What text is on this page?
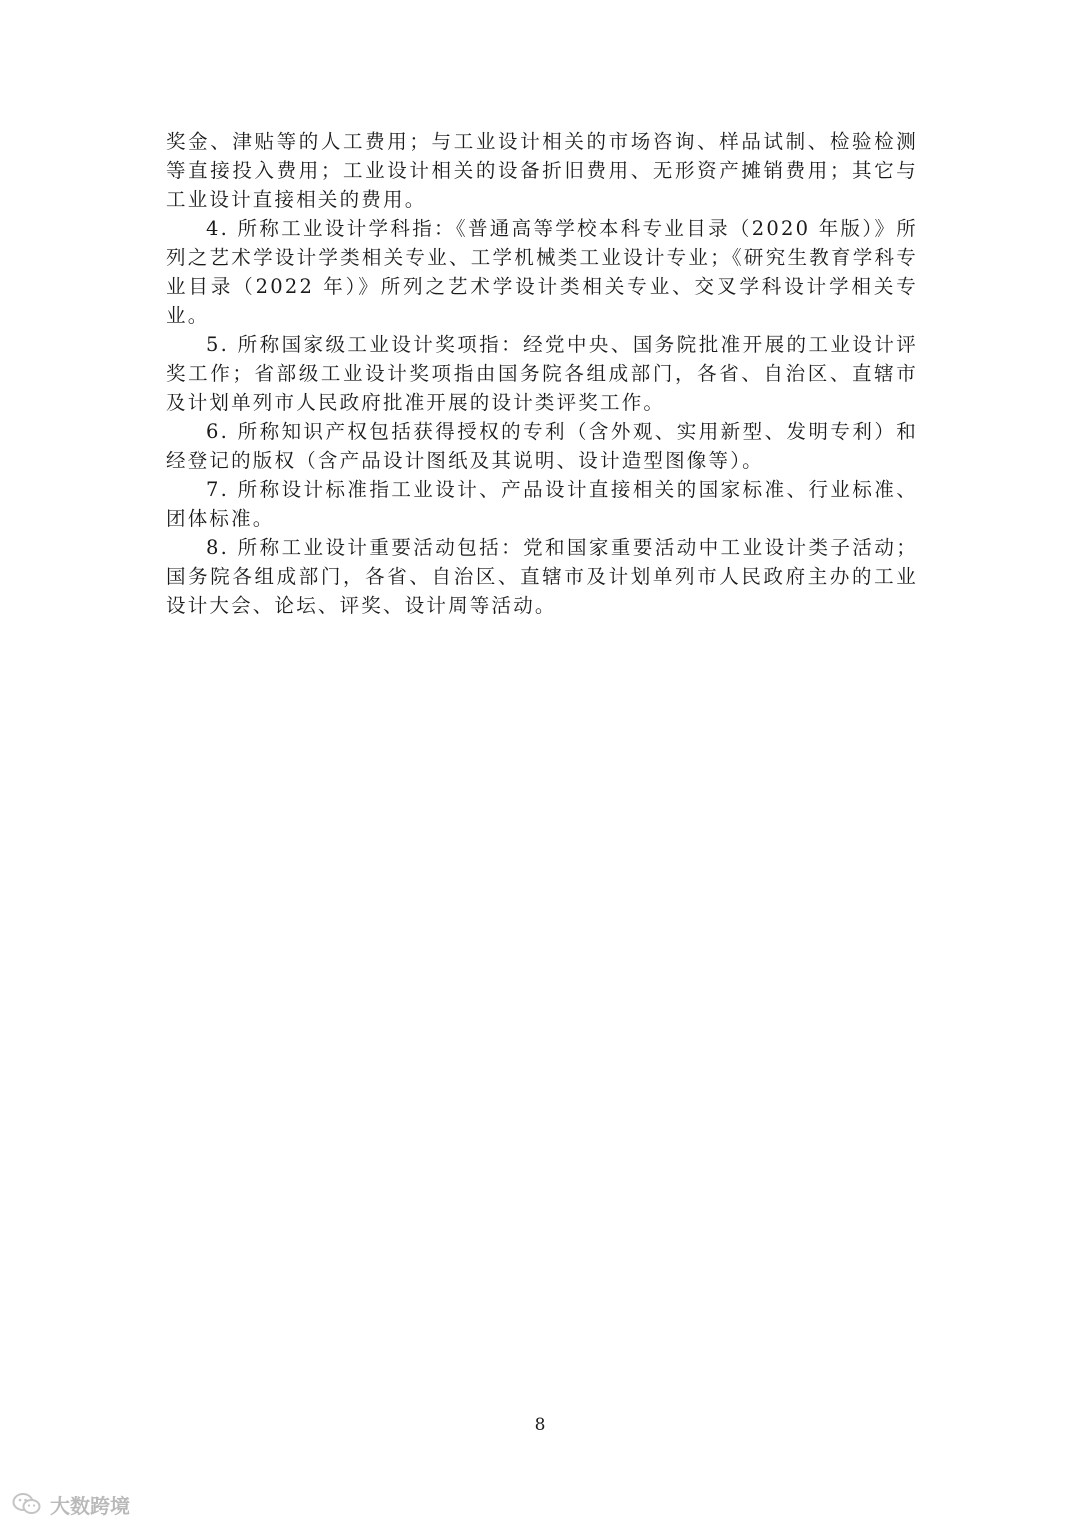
奖金、津贴等的人工费用；与工业设计相关的市场咨询、样品试制、检验检测等直接投入费用；工业设计相关的设备折旧费用、无形资产摊销费用；其它与工业设计直接相关的费用。

4. 所称工业设计学科指：《普通高等学校本科专业目录（2020 年版）》所列之艺术学设计学类相关专业、工学机械类工业设计专业；《研究生教育学科专业目录（2022 年）》所列之艺术学设计类相关专业、交叉学科设计学相关专业。

5. 所称国家级工业设计奖项指：经党中央、国务院批准开展的工业设计评奖工作；省部级工业设计奖项指由国务院各组成部门，各省、自治区、直辖市及计划单列市人民政府批准开展的设计类评奖工作。

6. 所称知识产权包括获得授权的专利（含外观、实用新型、发明专利）和经登记的版权（含产品设计图纸及其说明、设计造型图像等）。

7. 所称设计标准指工业设计、产品设计直接相关的国家标准、行业标准、团体标准。

8. 所称工业设计重要活动包括：党和国家重要活动中工业设计类子活动；国务院各组成部门，各省、自治区、直辖市及计划单列市人民政府主办的工业设计大会、论坛、评奖、设计周等活动。

8
大数跨境
